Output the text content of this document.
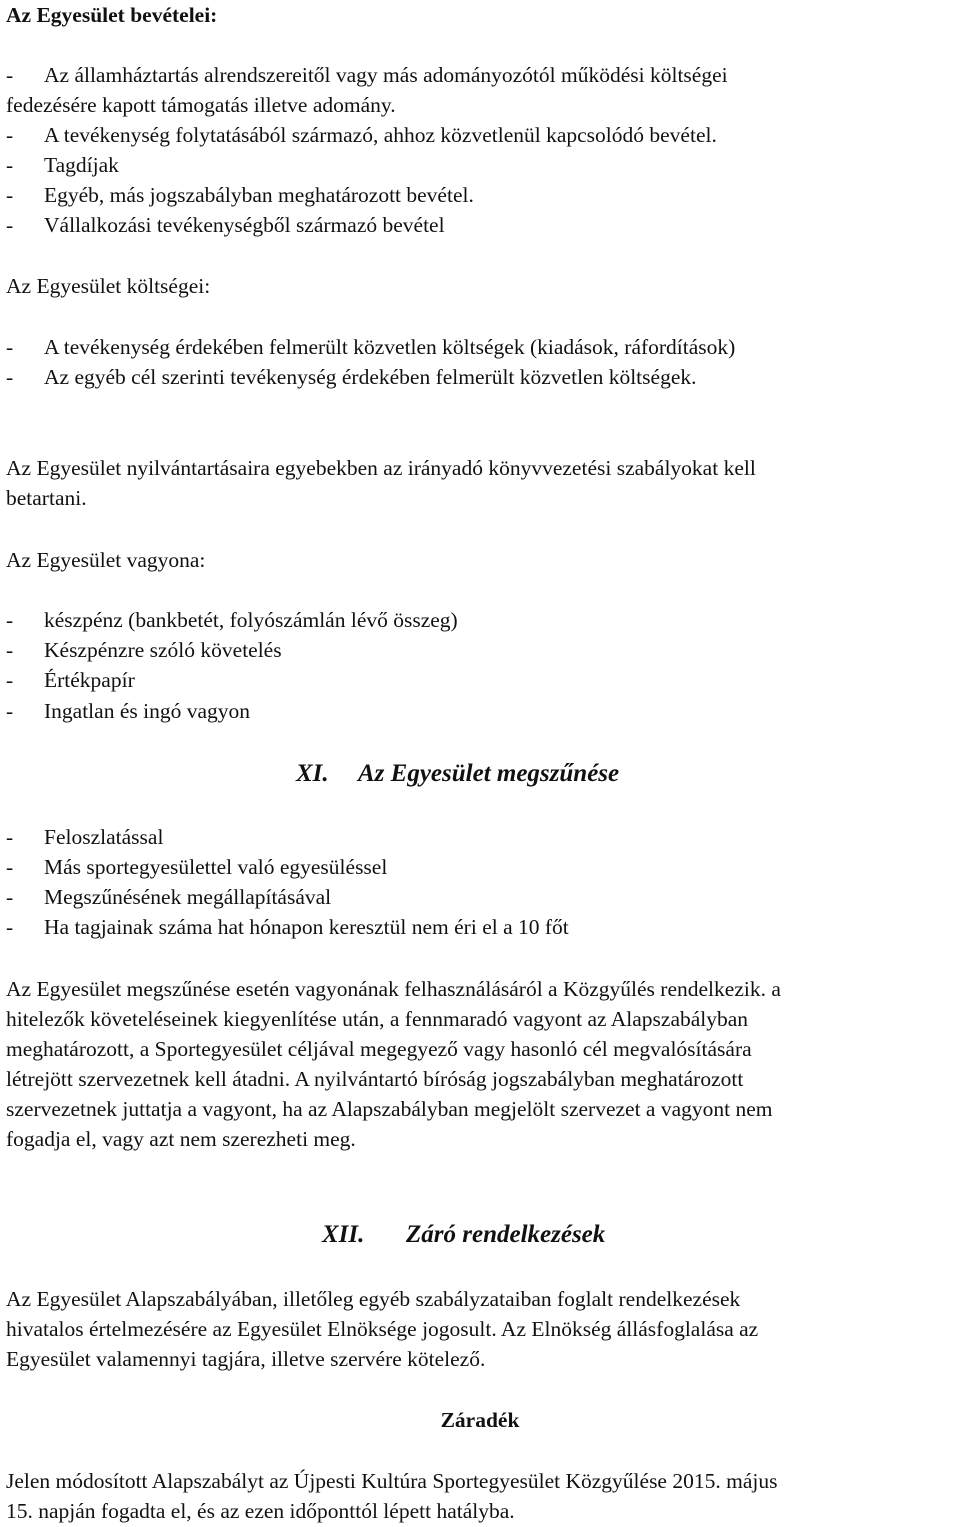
Az Egyesület bevételei:
- Az államháztartás alrendszereitől vagy más adományozótól működési költségei
fedezésére kapott támogatás illetve adomány.
- A tevékenység folytatásából származó, ahhoz közvetlenül kapcsolódó bevétel.
- Tagdíjak
- Egyéb, más jogszabályban meghatározott bevétel.
- Vállalkozási tevékenységből származó bevétel
Az Egyesület költségei:
- A tevékenység érdekében felmerült közvetlen költségek (kiadások, ráfordítások)
- Az egyéb cél szerinti tevékenység érdekében felmerült közvetlen költségek.
Az Egyesület nyilvántartásaira egyebekben az irányadó könyvvezetési szabályokat kell
betartani.
Az Egyesület vagyona:
- készpénz (bankbetét, folyószámlán lévő összeg)
- Készpénzre szóló követelés
- Értékpapír
- Ingatlan és ingó vagyon
XI. Az Egyesület megszűnése
- Feloszlatással
- Más sportegyesülettel való egyesüléssel
- Megszűnésének megállapításával
- Ha tagjainak száma hat hónapon keresztül nem éri el a 10 főt
Az Egyesület megszűnése esetén vagyonának felhasználásáról a Közgyűlés rendelkezik. a
hitelezők követeléseinek kiegyenlítése után, a fennmaradó vagyont az Alapszabályban
meghatározott, a Sportegyesület céljával megegyező vagy hasonló cél megvalósítására
létrejött szervezetnek kell átadni. A nyilvántartó bíróság jogszabályban meghatározott
szervezetnek juttatja a vagyont, ha az Alapszabályban megjelölt szervezet a vagyont nem
fogadja el, vagy azt nem szerezheti meg.
XII. Záró rendelkezések
Az Egyesület Alapszabályában, illetőleg egyéb szabályzataiban foglalt rendelkezések
hivatalos értelmezésére az Egyesület Elnöksége jogosult. Az Elnökség állásfoglalása az
Egyesület valamennyi tagjára, illetve szervére kötelező.
Záradék
Jelen módosított Alapszabályt az Újpesti Kultúra Sportegyesület Közgyűlése 2015. május
15. napján fogadta el, és az ezen időponttól lépett hatályba.
